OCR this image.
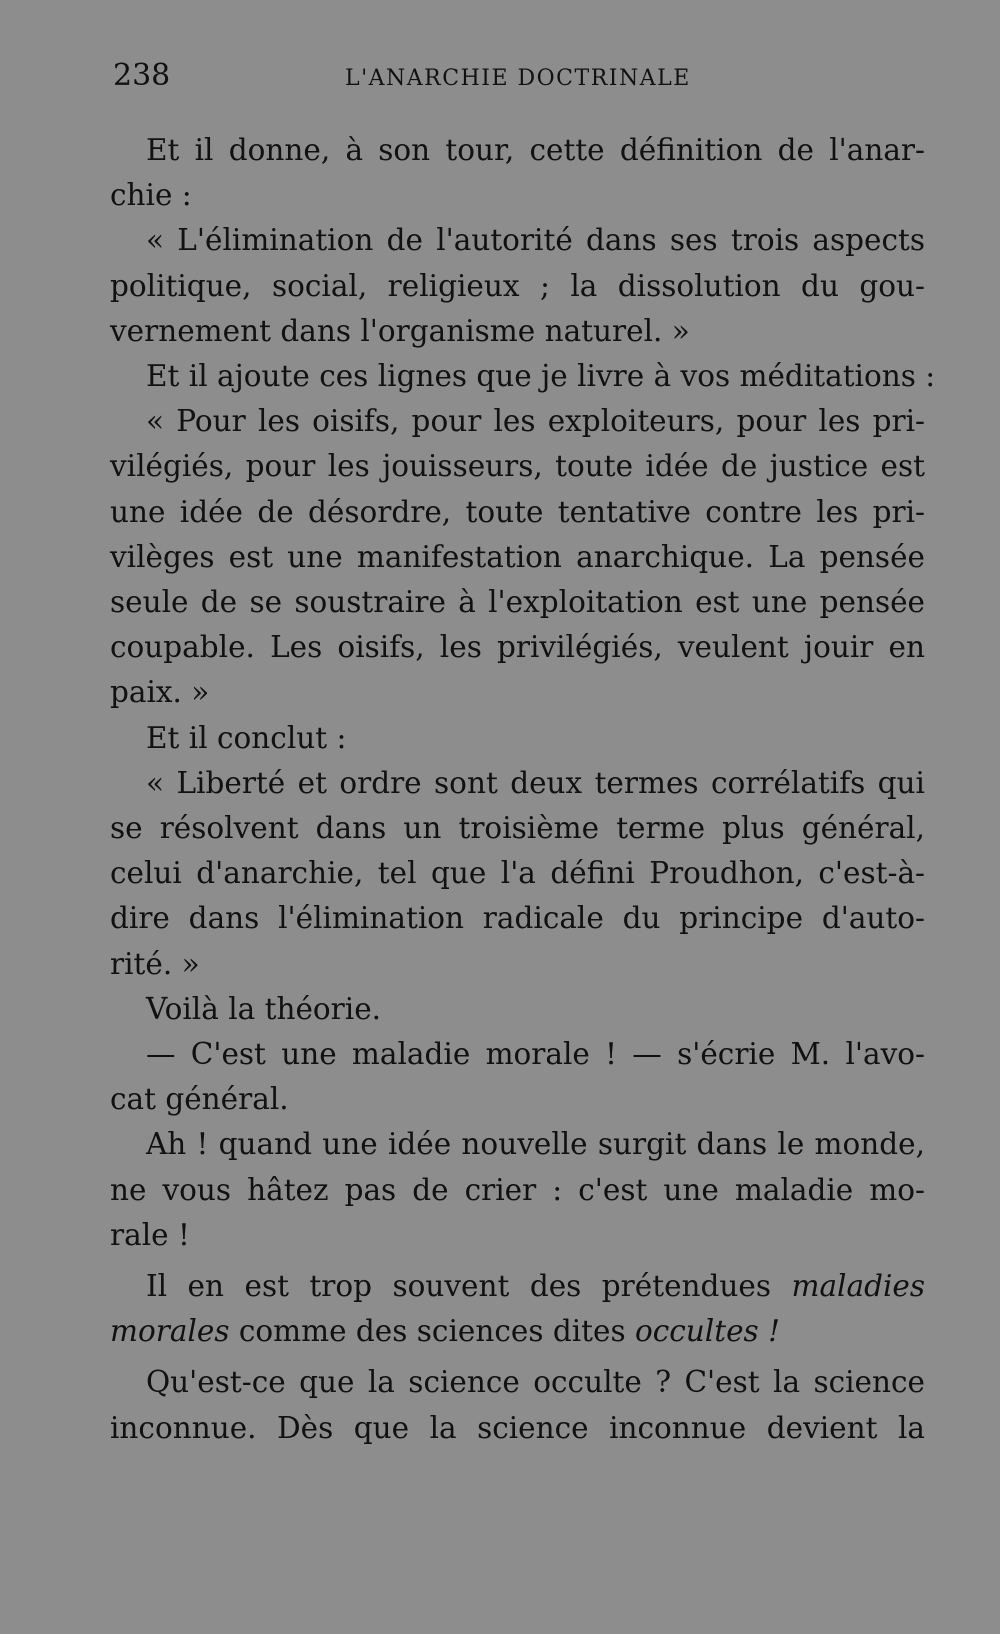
238	L'ANARCHIE DOCTRINALE
Et il donne, à son tour, cette définition de l'anar-
chie :
« L'élimination de l'autorité dans ses trois aspects
politique, social, religieux ; la dissolution du gou-
vernement dans l'organisme naturel. »
Et il ajoute ces lignes que je livre à vos méditations :
« Pour les oisifs, pour les exploiteurs, pour les pri-
vilégiés, pour les jouisseurs, toute idée de justice est
une idée de désordre, toute tentative contre les pri-
vilèges est une manifestation anarchique. La pensée
seule de se soustraire à l'exploitation est une pensée
coupable. Les oisifs, les privilégiés, veulent jouir en
paix. »
Et il conclut :
« Liberté et ordre sont deux termes corrélatifs qui
se résolvent dans un troisième terme plus général,
celui d'anarchie, tel que l'a défini Proudhon, c'est-à-
dire dans l'élimination radicale du principe d'auto-
rité. »
Voilà la théorie.
— C'est une maladie morale ! — s'écrie M. l'avo-
cat général.
Ah ! quand une idée nouvelle surgit dans le monde,
ne vous hâtez pas de crier : c'est une maladie mo-
rale !
Il en est trop souvent des prétendues maladies
morales comme des sciences dites occultes !
Qu'est-ce que la science occulte ? C'est la science
inconnue. Dès que la science inconnue devient la
